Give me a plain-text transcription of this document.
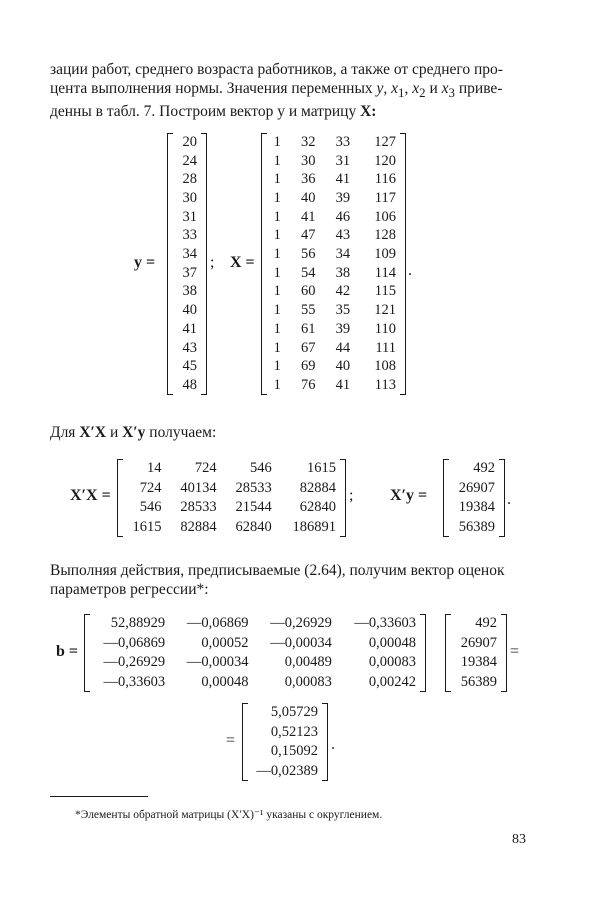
зации работ, среднего возраста работников, а также от среднего про-
цента выполнения нормы. Значения переменных y, $x_1$, $x_2$ и $x_3$ приве-
денны в табл. 7. Построим вектор у и матрицу X:
y =
20
24
28
30
31
33
34
37
38
40
41
43
45
48
; X =
1	32	33	127
1	30	31	120
1	36	41	116
1	40	39	117
1	41	46	106
1	47	43	128
1	56	34	109
1	54	38	114
1	60	42	115
1	55	35	121
1	61	39	110
1	67	44	111
1	69	40	108
1	76	41	113
.
Для X′X и X′y получаем:
X′X =
14	724	546	1615
724	40134	28533	82884
546	28533	21544	62840
1615	82884	62840	186891
; X′y =
492
26907
19384
56389
.
Выполняя действия, предписываемые (2.64), получим вектор оценок
параметров регрессии*:
b =
52,88929	—0,06869	—0,26929	—0,33603
—0,06869	0,00052	—0,00034	0,00048
—0,26929	—0,00034	0,00489	0,00083
—0,33603	0,00048	0,00083	0,00242
492
26907
19384
56389
=
=
5,05729
0,52123
0,15092
—0,02389
.
*Элементы обратной матрицы (X′X)⁻¹ указаны с округлением.
83
